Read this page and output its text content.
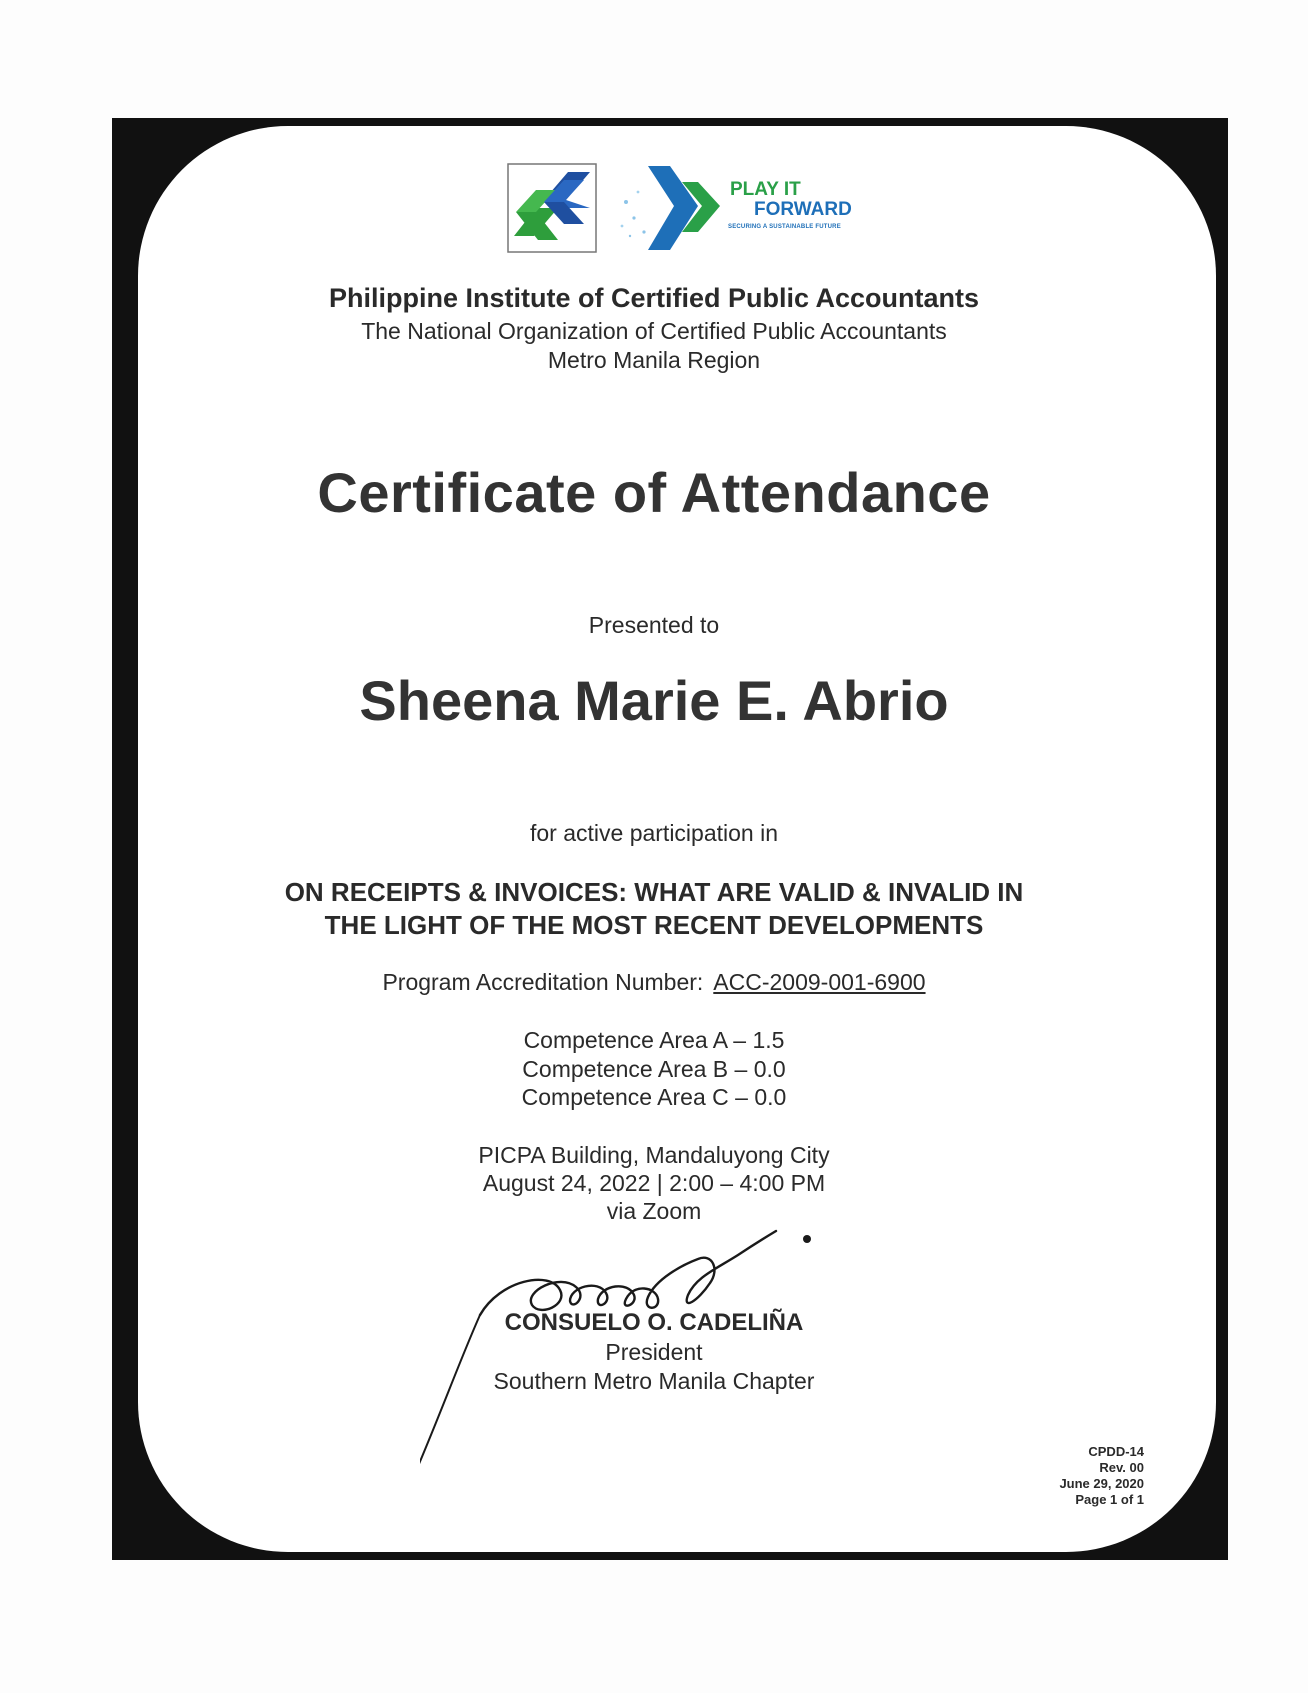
PLAY IT
FORWARD
SECURING A SUSTAINABLE FUTURE
Philippine Institute of Certified Public Accountants
The National Organization of Certified Public Accountants
Metro Manila Region
Certificate of Attendance
Presented to
Sheena Marie E. Abrio
for active participation in
ON RECEIPTS & INVOICES: WHAT ARE VALID & INVALID IN
THE LIGHT OF THE MOST RECENT DEVELOPMENTS
Program Accreditation Number: ACC-2009-001-6900
Competence Area A – 1.5
Competence Area B – 0.0
Competence Area C – 0.0
PICPA Building, Mandaluyong City
August 24, 2022 | 2:00 – 4:00 PM
via Zoom
CONSUELO O. CADELIÑA
President
Southern Metro Manila Chapter
CPDD-14
Rev. 00
June 29, 2020
Page 1 of 1
